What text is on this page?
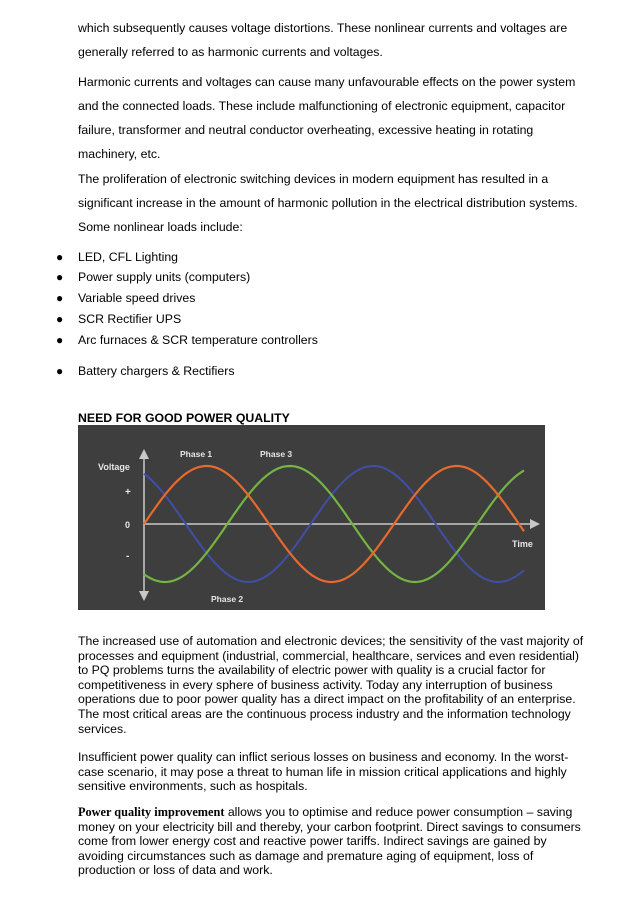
which subsequently causes voltage distortions. These nonlinear currents and voltages are generally referred to as harmonic currents and voltages.

Harmonic currents and voltages can cause many unfavourable effects on the power system and the connected loads. These include malfunctioning of electronic equipment, capacitor failure, transformer and neutral conductor overheating, excessive heating in rotating machinery, etc.

The proliferation of electronic switching devices in modern equipment has resulted in a significant increase in the amount of harmonic pollution in the electrical distribution systems. Some nonlinear loads include:

● LED, CFL Lighting
● Power supply units (computers)
● Variable speed drives
● SCR Rectifier UPS
● Arc furnaces & SCR temperature controllers
● Battery chargers & Rectifiers
NEED FOR GOOD POWER QUALITY
Voltage
+
0
-
Time
Phase 1	Phase 3
Phase 2

The increased use of automation and electronic devices; the sensitivity of the vast majority of processes and equipment (industrial, commercial, healthcare, services and even residential) to PQ problems turns the availability of electric power with quality is a crucial factor for competitiveness in every sphere of business activity. Today any interruption of business operations due to poor power quality has a direct impact on the profitability of an enterprise. The most critical areas are the continuous process industry and the information technology services.

Insufficient power quality can inflict serious losses on business and economy. In the worst-case scenario, it may pose a threat to human life in mission critical applications and highly sensitive environments, such as hospitals.

Power quality improvement allows you to optimise and reduce power consumption – saving money on your electricity bill and thereby, your carbon footprint. Direct savings to consumers come from lower energy cost and reactive power tariffs. Indirect savings are gained by avoiding circumstances such as damage and premature aging of equipment, loss of production or loss of data and work.
